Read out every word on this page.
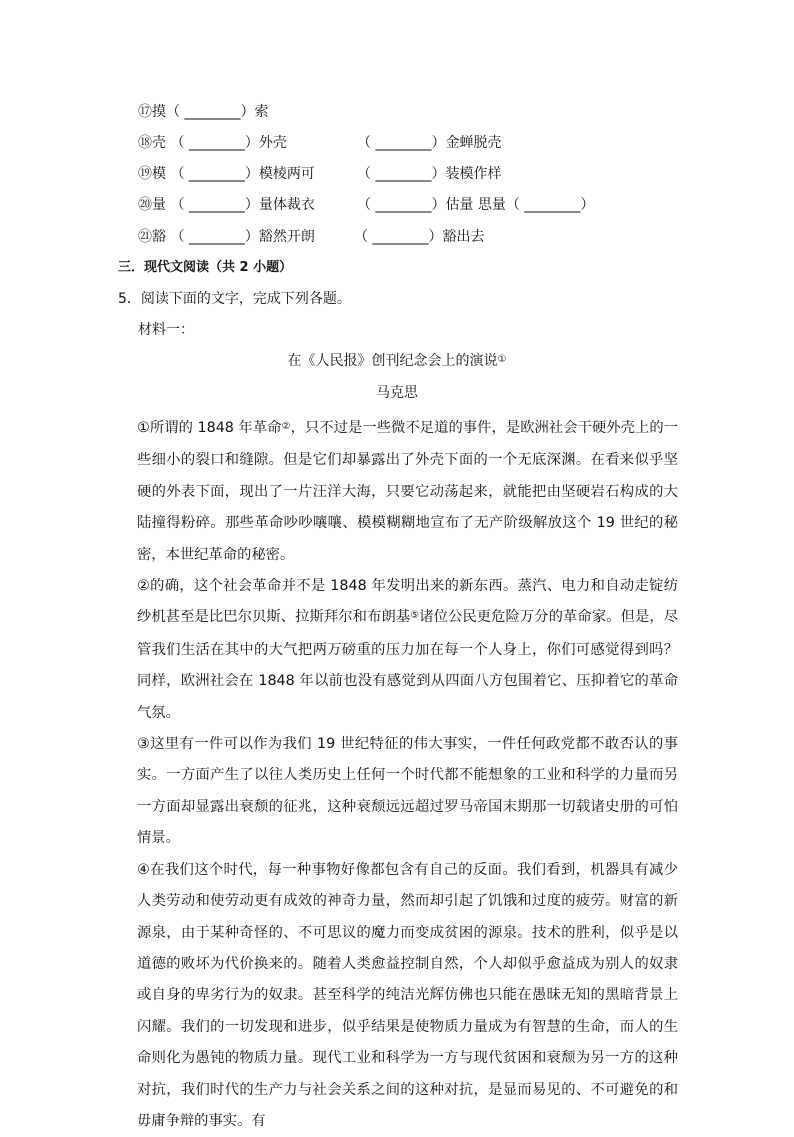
⑰摸（ ________）索
⑱壳 （ ________）外壳	（ ________）金蝉脱壳
⑲模 （ ________）模棱两可	（ ________）装模作样
⑳量 （ ________）量体裁衣	（ ________）估量 思量（ ________）
㉑豁 （ ________）豁然开朗	（ ________）豁出去
三．现代文阅读（共 2 小题）
5．阅读下面的文字，完成下列各题。
材料一：
在《人民报》创刊纪念会上的演说①
马克思

①所谓的 1848 年革命②，只不过是一些微不足道的事件，是欧洲社会干硬外壳上的一些细小的裂口和缝隙。但是它们却暴露出了外壳下面的一个无底深渊。在看来似乎坚硬的外表下面，现出了一片汪洋大海，只要它动荡起来，就能把由坚硬岩石构成的大陆撞得粉碎。那些革命吵吵嚷嚷、模模糊糊地宣布了无产阶级解放这个 19 世纪的秘密，本世纪革命的秘密。

②的确，这个社会革命并不是 1848 年发明出来的新东西。蒸汽、电力和自动走锭纺纱机甚至是比巴尔贝斯、拉斯拜尔和布朗基⑤诸位公民更危险万分的革命家。但是，尽管我们生活在其中的大气把两万磅重的压力加在每一个人身上，你们可感觉得到吗？同样，欧洲社会在 1848 年以前也没有感觉到从四面八方包围着它、压抑着它的革命气氛。

③这里有一件可以作为我们 19 世纪特征的伟大事实，一件任何政党都不敢否认的事实。一方面产生了以往人类历史上任何一个时代都不能想象的工业和科学的力量而另一方面却显露出衰颓的征兆，这种衰颓远远超过罗马帝国末期那一切载诸史册的可怕情景。

④在我们这个时代，每一种事物好像都包含有自己的反面。我们看到，机器具有减少人类劳动和使劳动更有成效的神奇力量，然而却引起了饥饿和过度的疲劳。财富的新源泉，由于某种奇怪的、不可思议的魔力而变成贫困的源泉。技术的胜利，似乎是以道德的败坏为代价换来的。随着人类愈益控制自然，个人却似乎愈益成为别人的奴隶或自身的卑劣行为的奴隶。甚至科学的纯洁光辉仿佛也只能在愚昧无知的黑暗背景上闪耀。我们的一切发现和进步，似乎结果是使物质力量成为有智慧的生命，而人的生命则化为愚钝的物质力量。现代工业和科学为一方与现代贫困和衰颓为另一方的这种对抗，我们时代的生产力与社会关系之间的这种对抗，是显而易见的、不可避免的和毋庸争辩的事实。有
